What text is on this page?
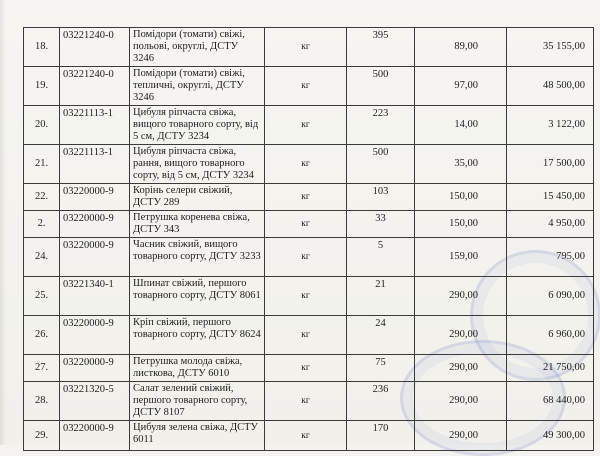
18.	03221240-0	Помідори (томати) свіжі, польові, округлі, ДСТУ 3246	кг	395	89,00	35 155,00
19.	03221240-0	Помідори (томати) свіжі, тепличні, округлі, ДСТУ 3246	кг	500	97,00	48 500,00
20.	03221113-1	Цибуля ріпчаста свіжа, вищого товарного сорту, від 5 см, ДСТУ 3234	кг	223	14,00	3 122,00
21.	03221113-1	Цибуля ріпчаста свіжа, рання, вищого товарного сорту, від 5 см, ДСТУ 3234	кг	500	35,00	17 500,00
22.	03220000-9	Корінь селери свіжий, ДСТУ 289	кг	103	150,00	15 450,00
2.	03220000-9	Петрушка коренева свіжа, ДСТУ 343	кг	33	150,00	4 950,00
24.	03220000-9	Часник свіжий, вищого товарного сорту, ДСТУ 3233	кг	5	159,00	795,00
25.	03221340-1	Шпинат свіжий, першого товарного сорту, ДСТУ 8061	кг	21	290,00	6 090,00
26.	03220000-9	Кріп свіжий, першого товарного сорту, ДСТУ 8624	кг	24	290,00	6 960,00
27.	03220000-9	Петрушка молода свіжа, листкова, ДСТУ 6010	кг	75	290,00	21 750,00
28.	03221320-5	Салат зелений свіжий, першого товарного сорту, ДСТУ 8107	кг	236	290,00	68 440,00
29.	03220000-9	Цибуля зелена свіжа, ДСТУ 6011	кг	170	290,00	49 300,00
